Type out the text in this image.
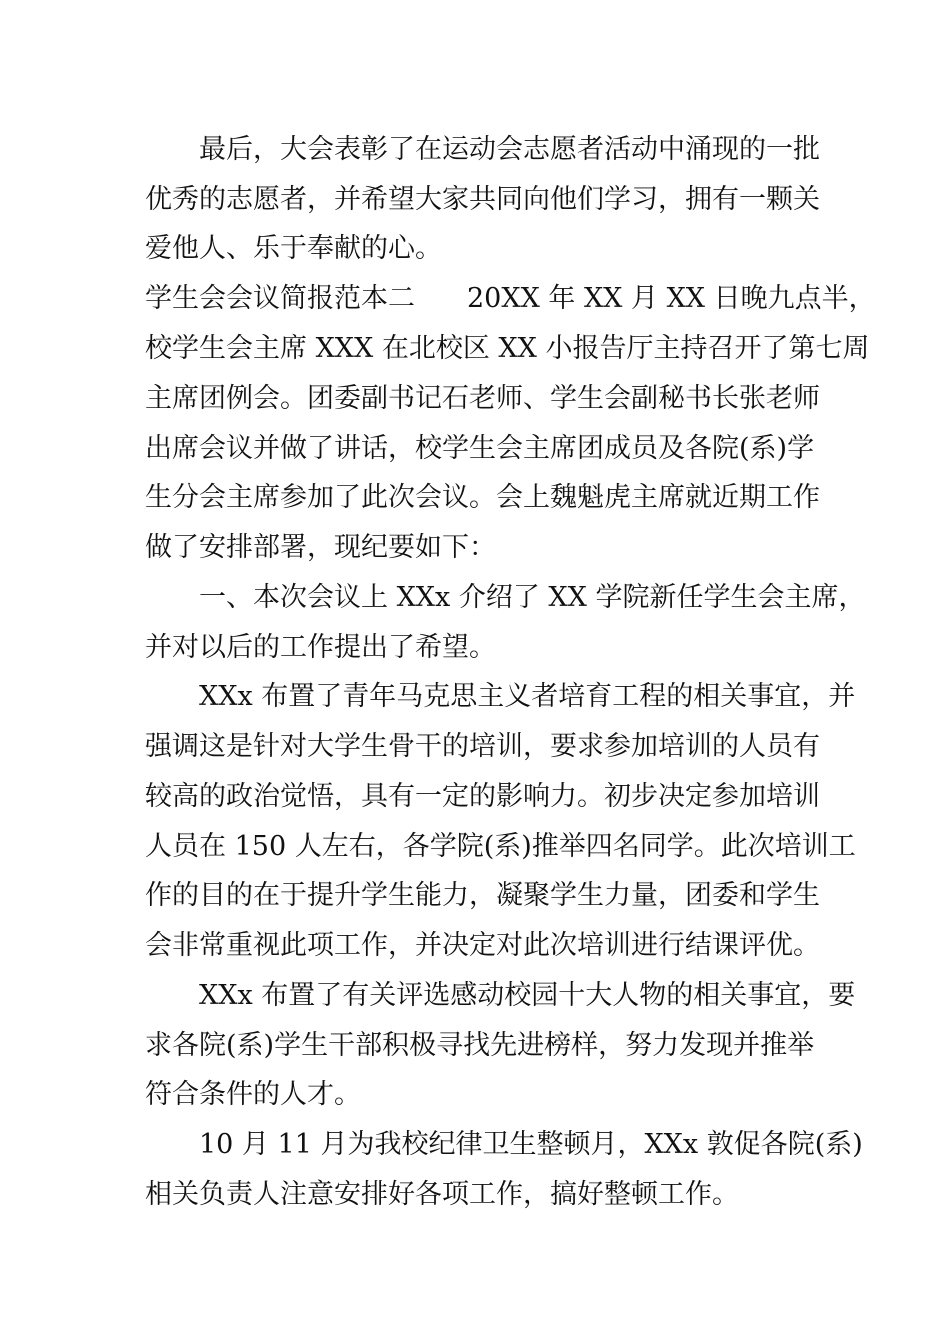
最后，大会表彰了在运动会志愿者活动中涌现的一批
优秀的志愿者，并希望大家共同向他们学习，拥有一颗关
爱他人、乐于奉献的心。
学生会会议简报范本二 20XX 年 XX 月 XX 日晚九点半，
校学生会主席 XXX 在北校区 XX 小报告厅主持召开了第七周
主席团例会。团委副书记石老师、学生会副秘书长张老师
出席会议并做了讲话，校学生会主席团成员及各院(系)学
生分会主席参加了此次会议。会上魏魁虎主席就近期工作
做了安排部署，现纪要如下：
一、本次会议上 XXx 介绍了 XX 学院新任学生会主席，
并对以后的工作提出了希望。
XXx 布置了青年马克思主义者培育工程的相关事宜，并
强调这是针对大学生骨干的培训，要求参加培训的人员有
较高的政治觉悟，具有一定的影响力。初步决定参加培训
人员在 150 人左右，各学院(系)推举四名同学。此次培训工
作的目的在于提升学生能力，凝聚学生力量，团委和学生
会非常重视此项工作，并决定对此次培训进行结课评优。
XXx 布置了有关评选感动校园十大人物的相关事宜，要
求各院(系)学生干部积极寻找先进榜样，努力发现并推举
符合条件的人才。
10 月 11 月为我校纪律卫生整顿月，XXx 敦促各院(系)
相关负责人注意安排好各项工作，搞好整顿工作。
